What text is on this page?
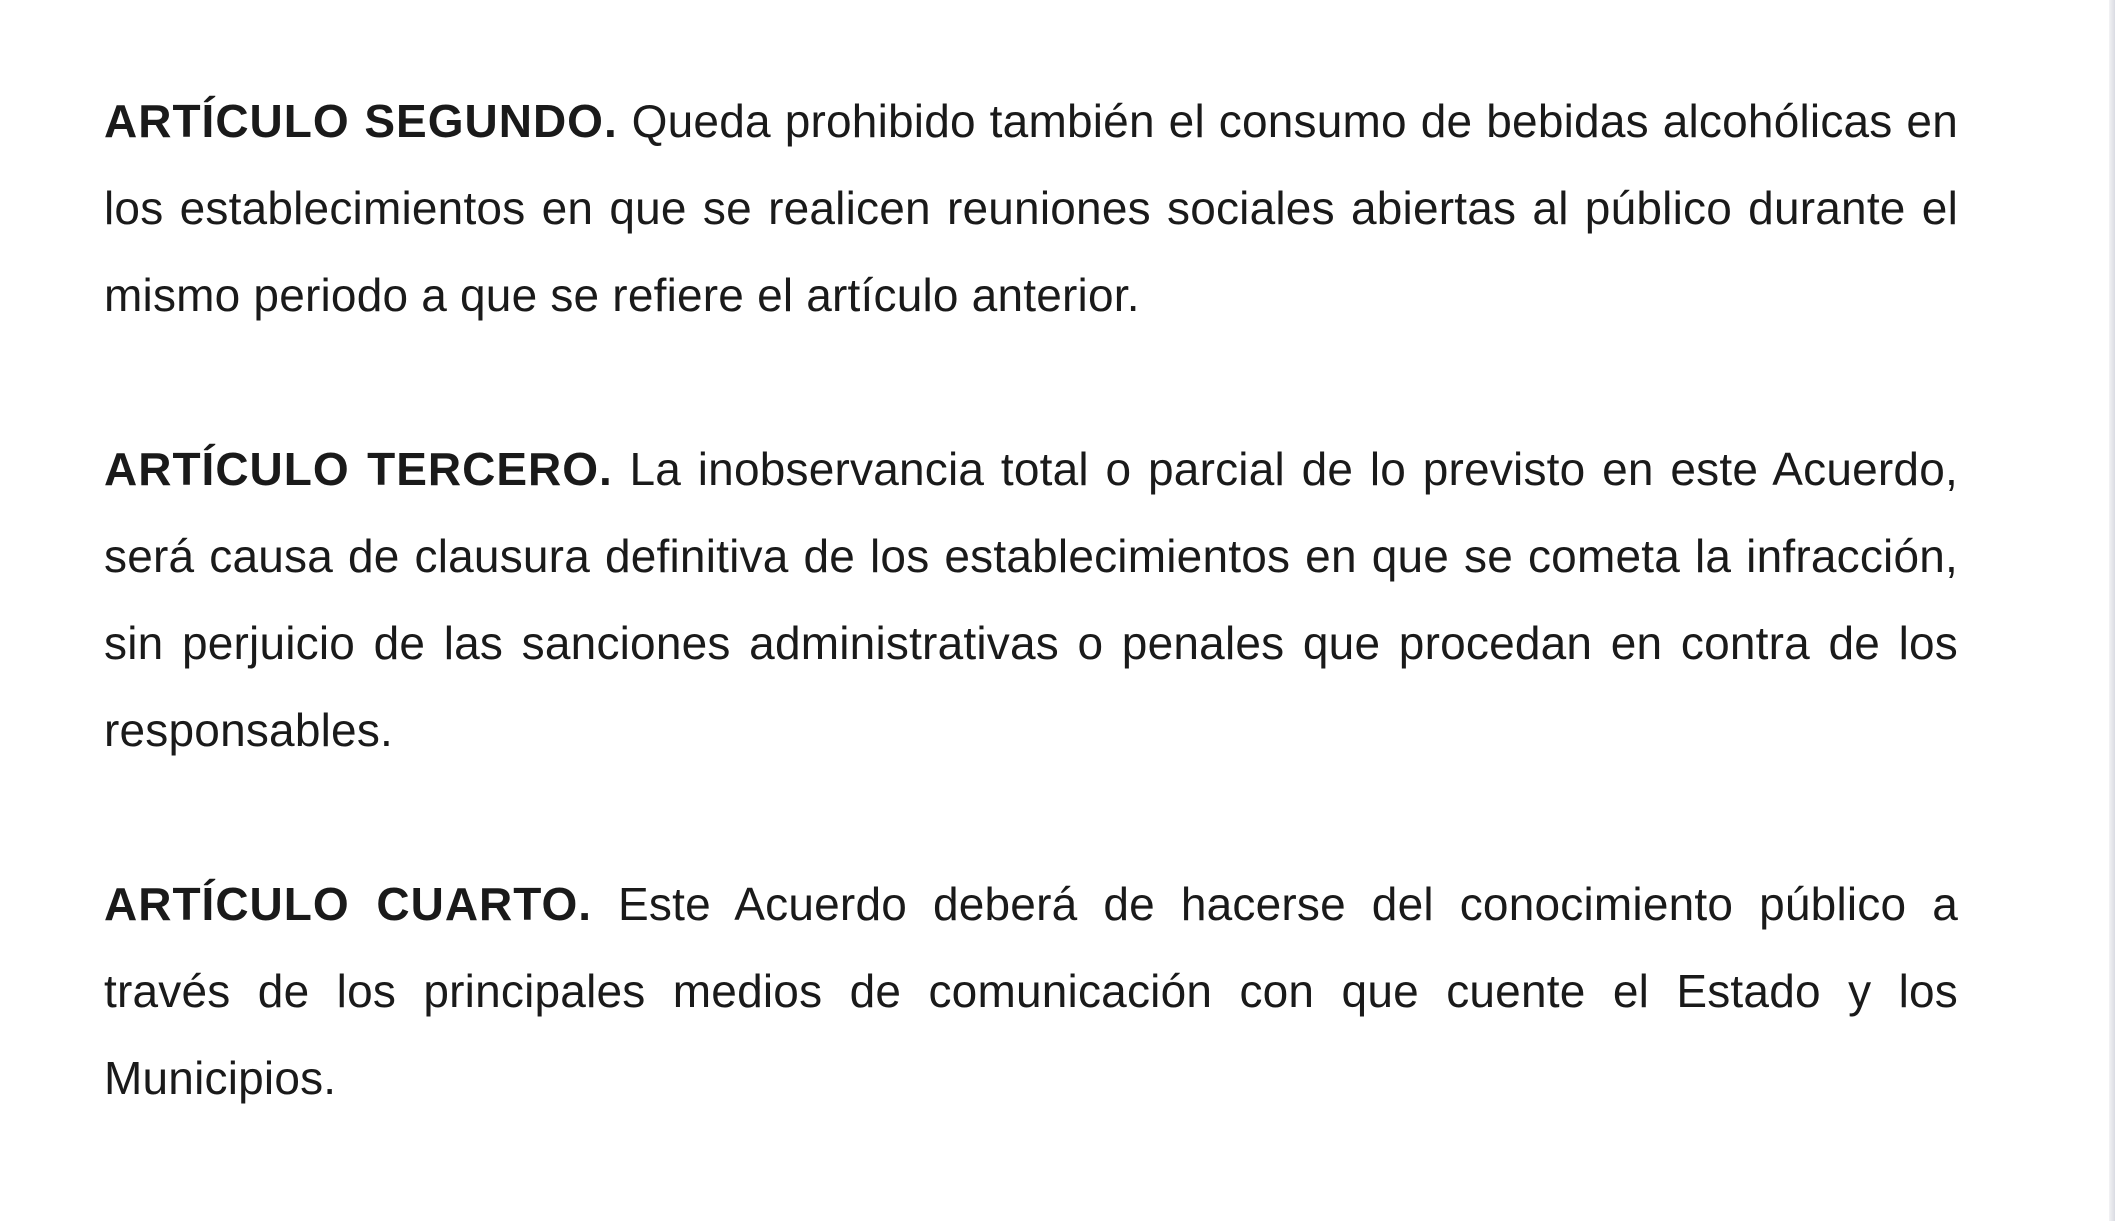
ARTÍCULO SEGUNDO. Queda prohibido también el consumo de bebidas alcohólicas en los establecimientos en que se realicen reuniones sociales abiertas al público durante el mismo periodo a que se refiere el artículo anterior.

ARTÍCULO TERCERO. La inobservancia total o parcial de lo previsto en este Acuerdo, será causa de clausura definitiva de los establecimientos en que se cometa la infracción, sin perjuicio de las sanciones administrativas o penales que procedan en contra de los responsables.

ARTÍCULO CUARTO. Este Acuerdo deberá de hacerse del conocimiento público a través de los principales medios de comunicación con que cuente el Estado y los Municipios.
